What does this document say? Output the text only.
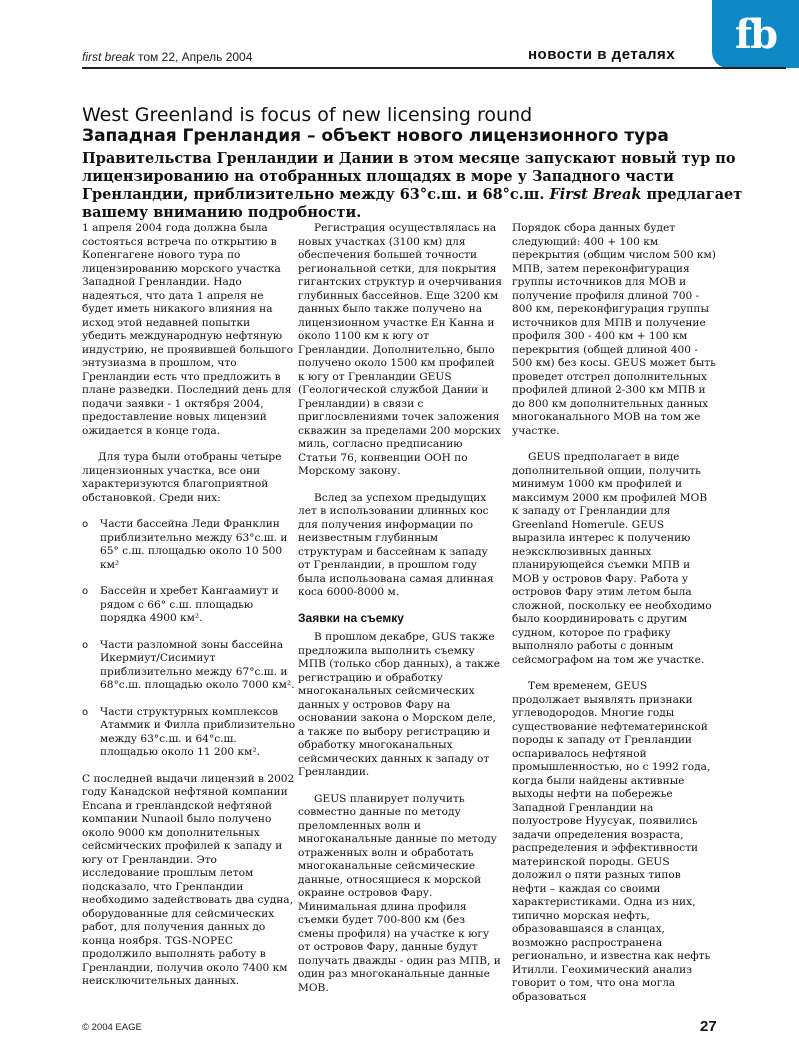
fb
first break том 22, Апрель 2004	новости в деталях
West Greenland is focus of new licensing round
Западная Гренландия – объект нового лицензионного тура
Правительства Гренландии и Дании в этом месяце запускают новый тур по лицензированию на отобранных площадях в море у Западного части Гренландии, приблизительно между 63°с.ш. и 68°с.ш. First Break предлагает вашему вниманию подробности.

1 апреля 2004 года должна была состояться встреча по открытию в Копенгагене нового тура по лицензированию морского участка Западной Гренландии. Надо надеяться, что дата 1 апреля не будет иметь никакого влияния на исход этой недавней попытки убедить международную нефтяную индустрию, не проявившей большого энтузиазма в прошлом, что Гренландии есть что предложить в плане разведки. Последний день для подачи заявки - 1 октября 2004, предоставление новых лицензий ожидается в конце года.

Для тура были отобраны четыре лицензионных участка, все они характеризуются благоприятной обстановкой. Среди них:

o	Части бассейна Леди Франклин приблизительно между 63°с.ш. и 65° с.ш. площадью около 10 500 км²
o	Бассейн и хребет Кангаамиут и рядом с 66° с.ш. площадью порядка 4900 км².
o	Части разломной зоны бассейна Икермиут/Сисимиут приблизительно между 67°с.ш. и 68°с.ш. площадью около 7000 км².
o	Части структурных комплексов Атаммик и Филла приблизительно между 63°с.ш. и 64°с.ш. площадью около 11 200 км².

С последней выдачи лицензий в 2002 году Канадской нефтяной компании Encana и гренландской нефтяной компании Nunaoil было получено около 9000 км дополнительных сейсмических профилей к западу и югу от Гренландии. Это исследование прошлым летом подсказало, что Гренландии необходимо задействовать два судна, оборудованные для сейсмических работ, для получения данных до конца ноября. TGS-NOPEC продолжило выполнять работу в Гренландии, получив около 7400 км неисключительных данных.

Регистрация осуществлялась на новых участках (3100 км) для обеспечения большей точности региональной сетки, для покрытия гигантских структур и очерчивания глубинных бассейнов. Еще 3200 км данных было также получено на лицензионном участке Ен Канна и около 1100 км к югу от Гренландии. Дополнительно, было получено около 1500 км профилей к югу от Гренландии GEUS (Геологической службой Дании и Гренландии) в связи с приглосвлениями точек заложения скважин за пределами 200 морских миль, согласно предписанию Статьи 76, конвенции ООН по Морскому закону.

Вслед за успехом предыдущих лет в использовании длинных кос для получения информации по неизвестным глубинным структурам и бассейнам к западу от Гренландии, в прошлом году была использована самая длинная коса 6000-8000 м.

Заявки на съемку

В прошлом декабре, GUS также предложила выполнить съемку МПВ (только сбор данных), а также регистрацию и обработку многоканальных сейсмических данных у островов Фару на основании закона о Морском деле, а также по выбору регистрацию и обработку многоканальных сейсмических данных к западу от Гренландии.

GEUS планирует получить совместно данные по методу преломленных волн и многоканальные данные по методу отраженных волн и обработать многоканальные сейсмические данные, относящиеся к морской окраине островов Фару. Минимальная длина профиля съемки будет 700-800 км (без смены профиля) на участке к югу от островов Фару, данные будут получать дважды - один раз МПВ, и один раз многоканальные данные МОВ.

Порядок сбора данных будет следующий: 400 + 100 км перекрытия (общим числом 500 км) МПВ, затем переконфигурация группы источников для МОВ и получение профиля длиной 700 - 800 км, переконфигурация группы источников для МПВ и получение профиля 300 - 400 км + 100 км перекрытия (общей длиной 400 - 500 км) без косы. GEUS может быть проведет отстрел дополнительных профилей длиной 2-300 км МПВ и до 800 км дополнительных данных многоканального МОВ на том же участке.

GEUS предполагает в виде дополнительной опции, получить минимум 1000 км профилей и максимум 2000 км профилей МОВ к западу от Гренландии для Greenland Homerule. GEUS выразила интерес к получению неэксклюзивных данных планирующейся съемки МПВ и МОВ у островов Фару. Работа у островов Фару этим летом была сложной, поскольку ее необходимо было координировать с другим судном, которое по графику выполняло работы с донным сейсмографом на том же участке.

Тем временем, GEUS продолжает выявлять признаки углеводородов. Многие годы существование нефтематеринской породы к западу от Гренландии оспаривалось нефтяной промышленностью, но с 1992 года, когда были найдены активные выходы нефти на побережье Западной Гренландии на полуострове Нуусуак, появились задачи определения возраста, распределения и эффективности материнской породы. GEUS доложил о пяти разных типов нефти – каждая со своими характеристиками. Одна из них, типично морская нефть, образовавшаяся в сланцах, возможно распространена регионально, и известна как нефть Итилли. Геохимический анализ говорит о том, что она могла образоваться

© 2004 EAGE	27
